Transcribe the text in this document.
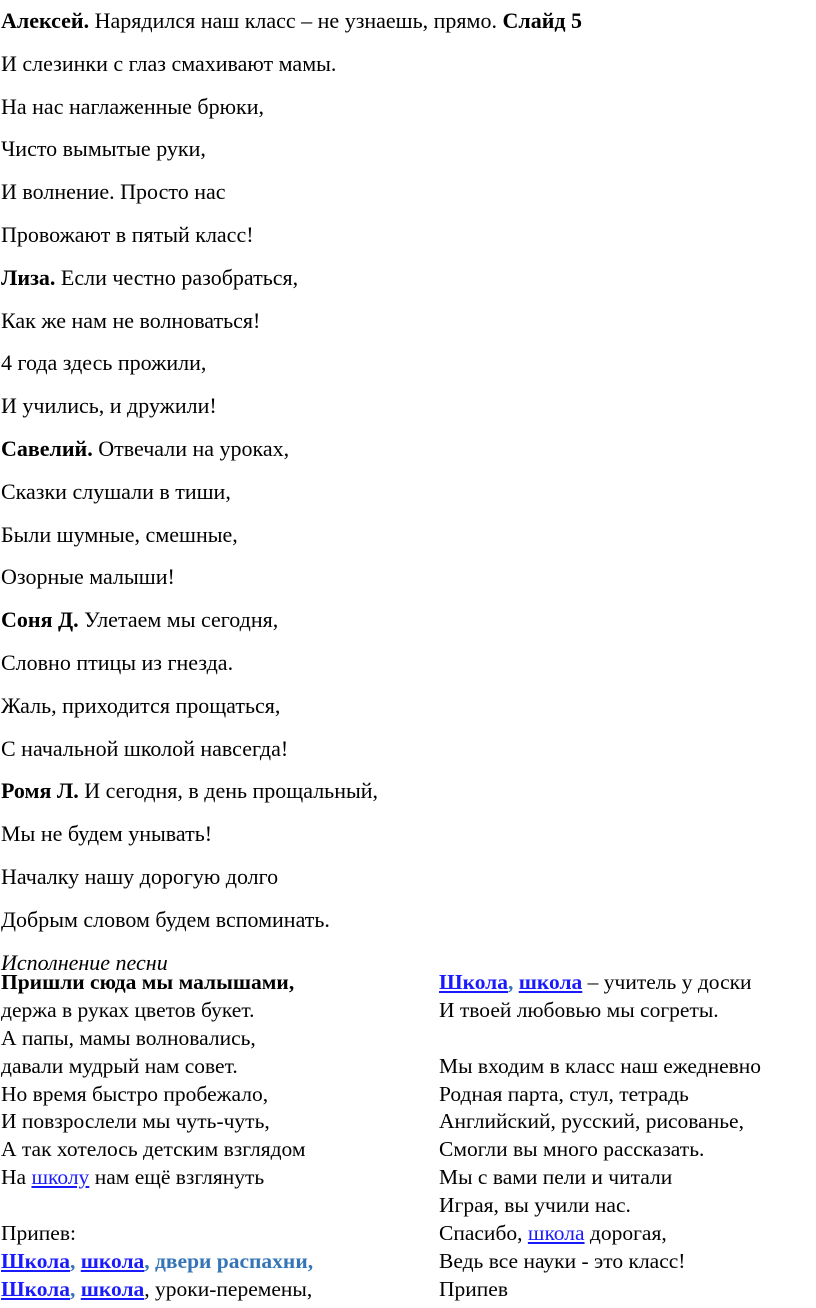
Алексей. Нарядился наш класс – не узнаешь, прямо. Слайд 5
И слезинки с глаз смахивают мамы.
На нас наглаженные брюки,
Чисто вымытые руки,
И волнение. Просто нас
Провожают в пятый класс!
Лиза. Если честно разобраться,
Как же нам не волноваться!
4 года здесь прожили,
И учились, и дружили!
Савелий. Отвечали на уроках,
Сказки слушали в тиши,
Были шумные, смешные,
Озорные малыши!
Соня Д. Улетаем мы сегодня,
Словно птицы из гнезда.
Жаль, приходится прощаться,
С начальной школой навсегда!
Ромя Л. И сегодня, в день прощальный,
Мы не будем унывать!
Началку нашу дорогую долго
Добрым словом будем вспоминать.
Исполнение песни
Пришли сюда мы малышами,
держа в руках цветов букет.
А папы, мамы волновались,
давали мудрый нам совет.
Но время быстро пробежало,
И повзрослели мы чуть-чуть,
А так хотелось детским взглядом
На школу нам ещё взглянуть
Припев:
Школа, школа, двери распахни,
Школа, школа, уроки-перемены,
Школа, школа – учитель у доски
И твоей любовью мы согреты.
Мы входим в класс наш ежедневно
Родная парта, стул, тетрадь
Английский, русский, рисованье,
Смогли вы много рассказать.
Мы с вами пели и читали
Играя, вы учили нас.
Спасибо, школа дорогая,
Ведь все науки - это класс!
Припев
